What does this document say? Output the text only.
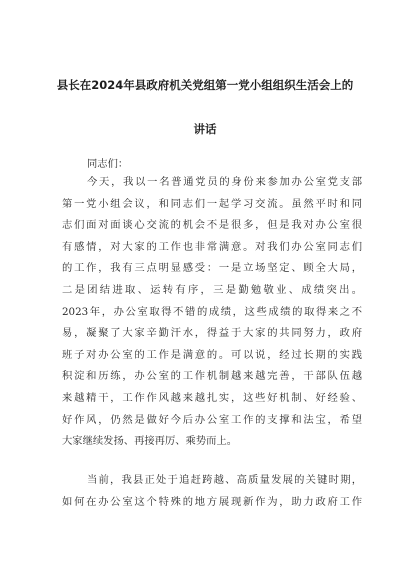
县长在2024年县政府机关党组第一党小组组织生活会上的
讲话
同志们：
今天，我以一名普通党员的身份来参加办公室党支部
第一党小组会议，和同志们一起学习交流。虽然平时和同
志们面对面谈心交流的机会不是很多，但是我对办公室很
有感情，对大家的工作也非常满意。对我们办公室同志们
的工作，我有三点明显感受：一是立场坚定、顾全大局，
二是团结进取、运转有序，三是勤勉敬业、成绩突出。
2023年，办公室取得不错的成绩，这些成绩的取得来之不
易，凝聚了大家辛勤汗水，得益于大家的共同努力，政府
班子对办公室的工作是满意的。可以说，经过长期的实践
积淀和历练，办公室的工作机制越来越完善，干部队伍越
来越精干，工作作风越来越扎实，这些好机制、好经验、
好作风，仍然是做好今后办公室工作的支撑和法宝，希望
大家继续发扬、再接再厉、乘势而上。
当前，我县正处于追赶跨越、高质量发展的关键时期，
如何在办公室这个特殊的地方展现新作为，助力政府工作
